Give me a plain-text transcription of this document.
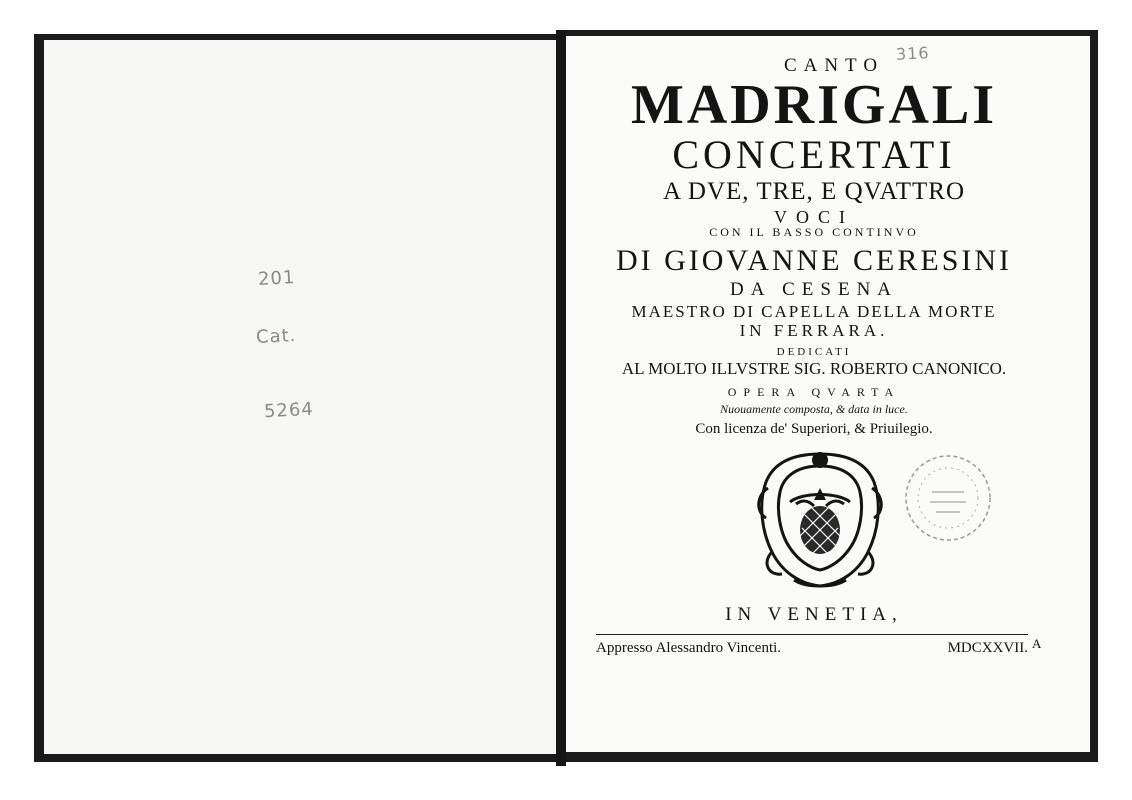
201
Cat.
5264
316
CANTO
MADRIGALI
CONCERTATI
A DVE, TRE, E QVATTRO
VOCI
CON IL BASSO CONTINVO
DI GIOVANNE CERESINI
DA CESENA
MAESTRO DI CAPELLA DELLA MORTE
IN FERRARA.
DEDICATI
AL MOLTO ILLVSTRE SIG. ROBERTO CANONICO.
OPERA QVARTA
Nuouamente composta, & data in luce.
Con licenza de' Superiori, & Priuilegio.
IN VENETIA,
Appresso Alessandro Vincenti.	MDCXXVII. A
